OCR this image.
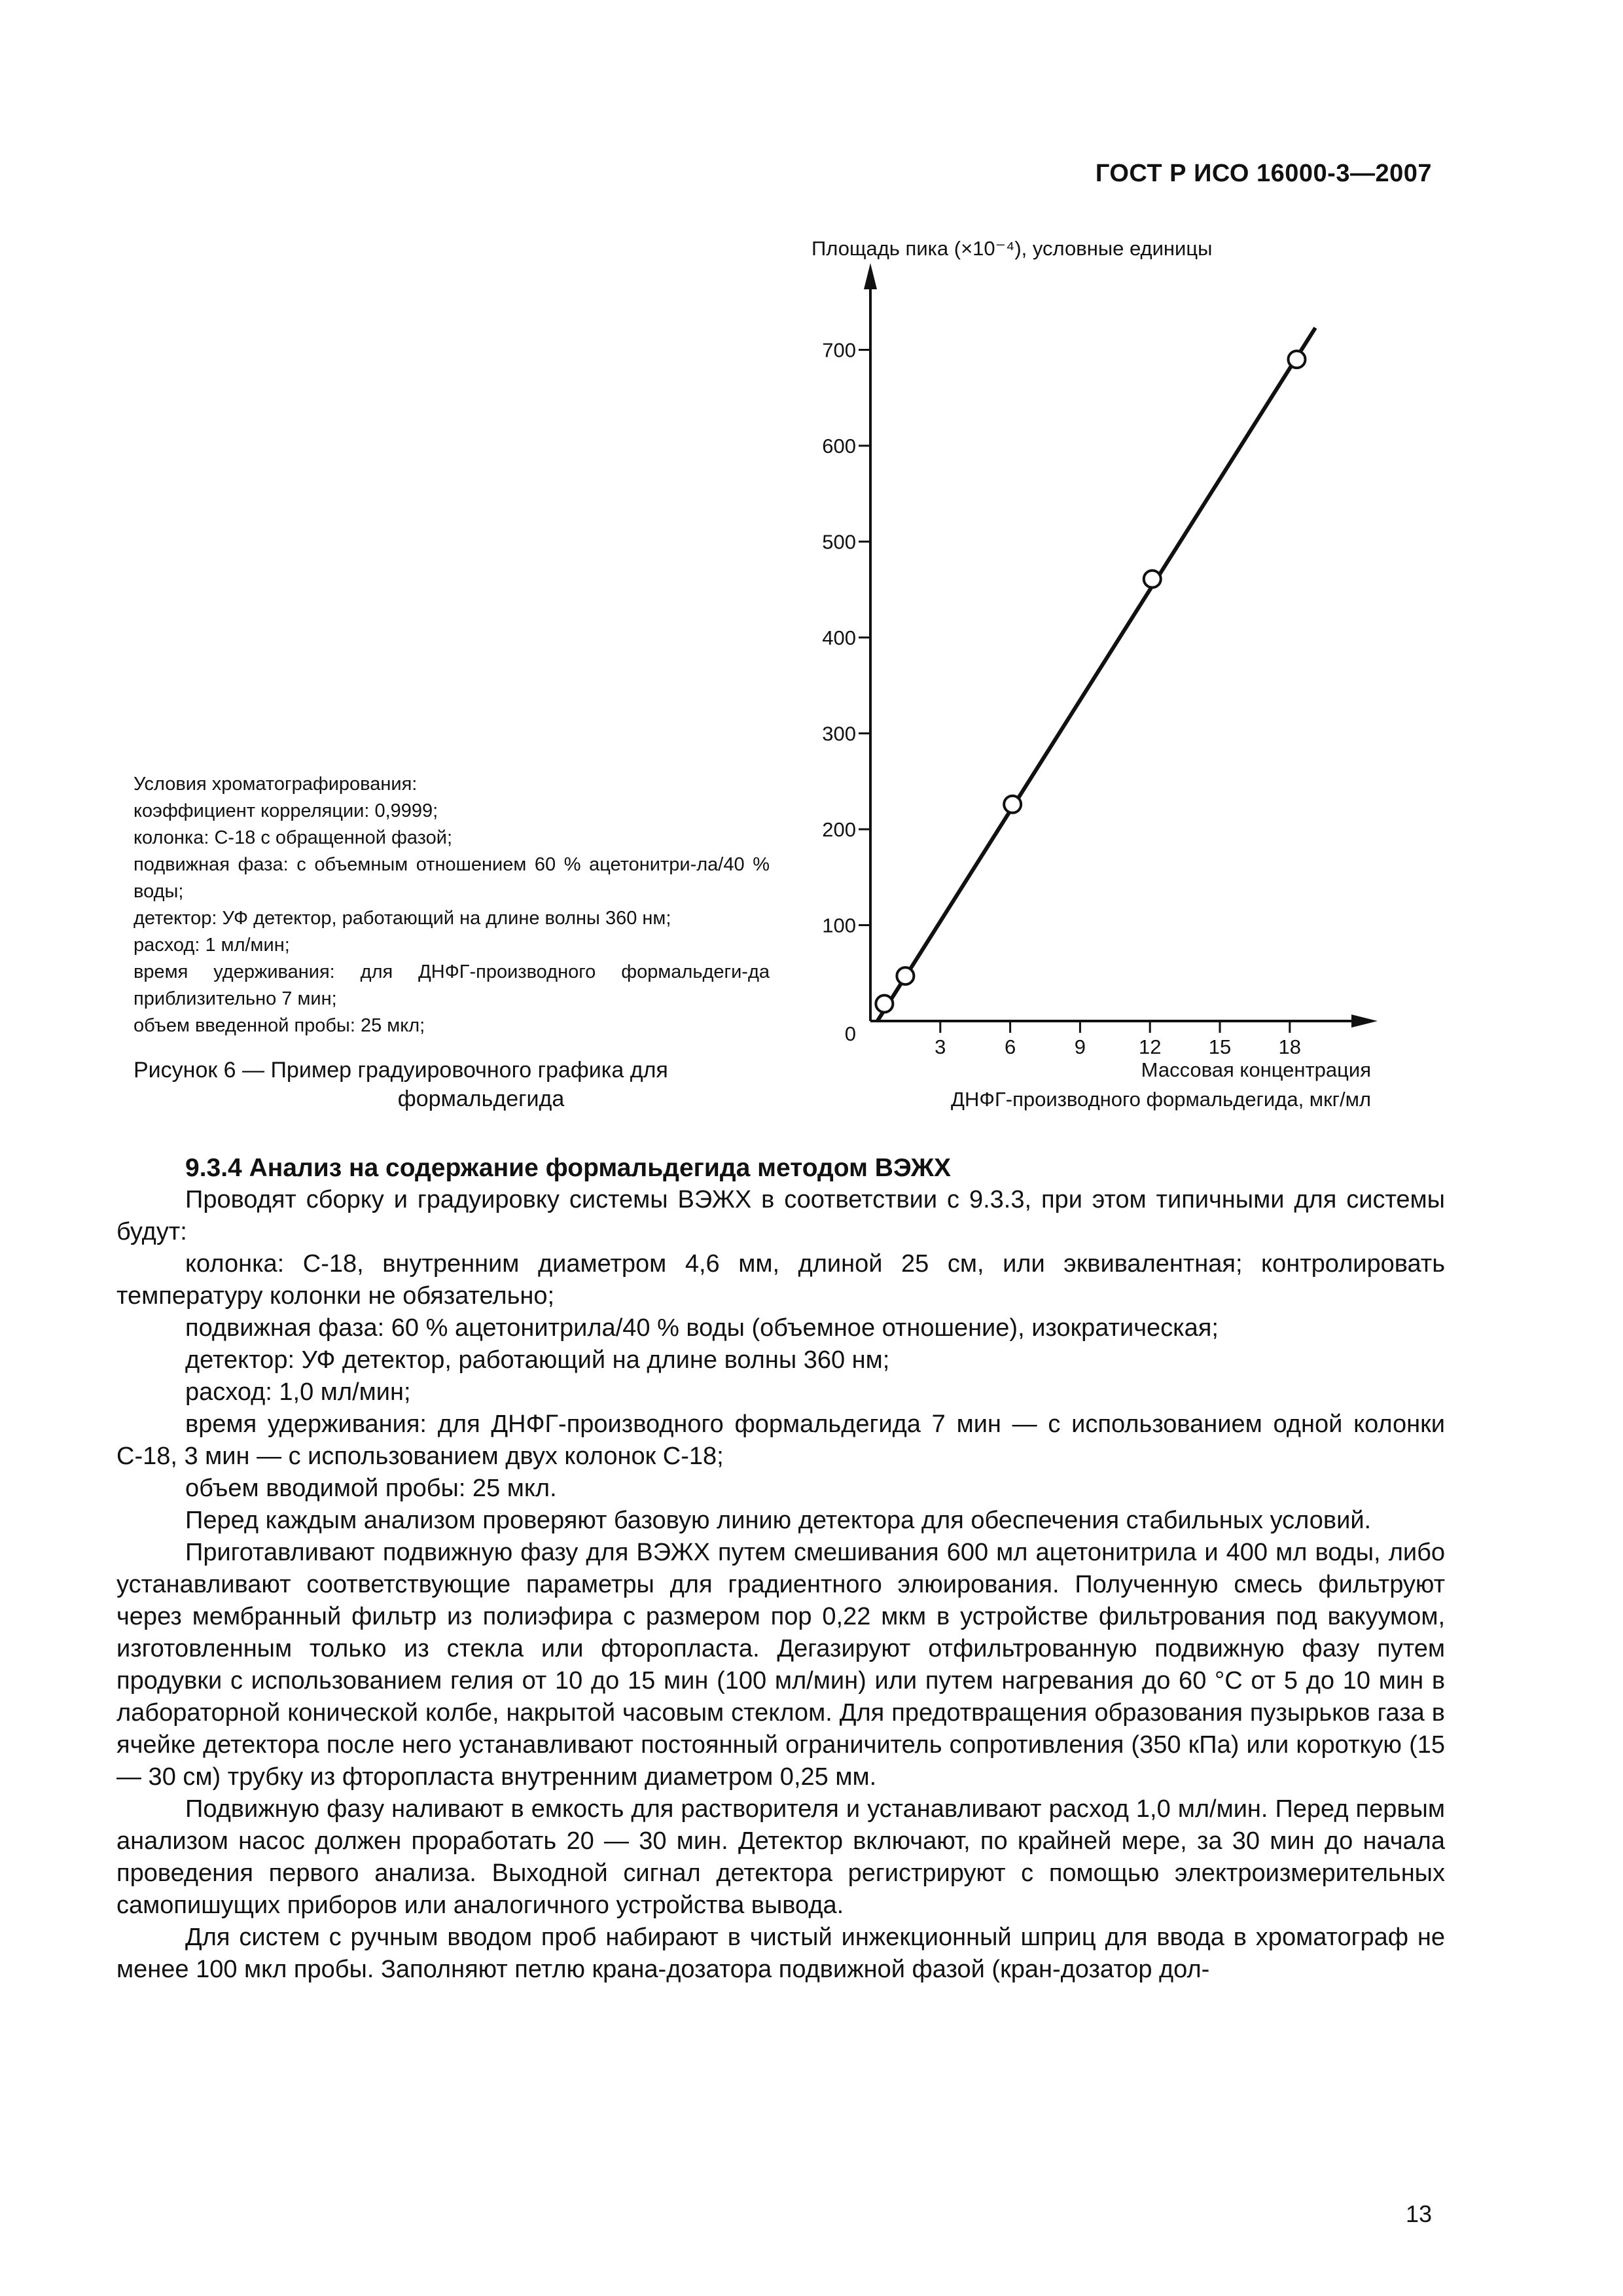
ГОСТ Р ИСО 16000-3—2007
100
200
300
400
500
600
700
3	6	9	12 15 18
0
Площадь пика (×10⁻⁴), условные единицы
Массовая концентрация
ДНФГ-производного формальдегида, мкг/мл
Условия хроматографирования:
коэффициент корреляции: 0,9999;
колонка: С-18 с обращенной фазой;
подвижная фаза: с объемным отношением 60 % ацетонитри-ла/40 % воды;
детектор: УФ детектор, работающий на длине волны 360 нм;
расход: 1 мл/мин;
время удерживания: для ДНФГ-производного формальдеги-да приблизительно 7 мин;
объем введенной пробы: 25 мкл;
Рисунок 6 — Пример градуировочного графика для
формальдегида
9.3.4 Анализ на содержание формальдегида методом ВЭЖХ

Проводят сборку и градуировку системы ВЭЖХ в соответствии с 9.3.3, при этом типичными для системы будут:

колонка: С-18, внутренним диаметром 4,6 мм, длиной 25 см, или эквивалентная; контролировать температуру колонки не обязательно;

подвижная фаза: 60 % ацетонитрила/40 % воды (объемное отношение), изократическая;

детектор: УФ детектор, работающий на длине волны 360 нм;

расход: 1,0 мл/мин;

время удерживания: для ДНФГ-производного формальдегида 7 мин — с использованием одной колонки С-18, 3 мин — с использованием двух колонок С-18;

объем вводимой пробы: 25 мкл.

Перед каждым анализом проверяют базовую линию детектора для обеспечения стабильных условий.

Приготавливают подвижную фазу для ВЭЖХ путем смешивания 600 мл ацетонитрила и 400 мл воды, либо устанавливают соответствующие параметры для градиентного элюирования. Полученную смесь фильтруют через мембранный фильтр из полиэфира с размером пор 0,22 мкм в устройстве фильтрования под вакуумом, изготовленным только из стекла или фторопласта. Дегазируют отфильтрованную подвижную фазу путем продувки с использованием гелия от 10 до 15 мин (100 мл/мин) или путем нагревания до 60 °С от 5 до 10 мин в лабораторной конической колбе, накрытой часовым стеклом. Для предотвращения образования пузырьков газа в ячейке детектора после него устанавливают постоянный ограничитель сопротивления (350 кПа) или короткую (15 — 30 см) трубку из фторопласта внутренним диаметром 0,25 мм.

Подвижную фазу наливают в емкость для растворителя и устанавливают расход 1,0 мл/мин. Перед первым анализом насос должен проработать 20 — 30 мин. Детектор включают, по крайней мере, за 30 мин до начала проведения первого анализа. Выходной сигнал детектора регистрируют с помощью электроизмерительных самопишущих приборов или аналогичного устройства вывода.

Для систем с ручным вводом проб набирают в чистый инжекционный шприц для ввода в хроматограф не менее 100 мкл пробы. Заполняют петлю крана-дозатора подвижной фазой (кран-дозатор дол-

13
